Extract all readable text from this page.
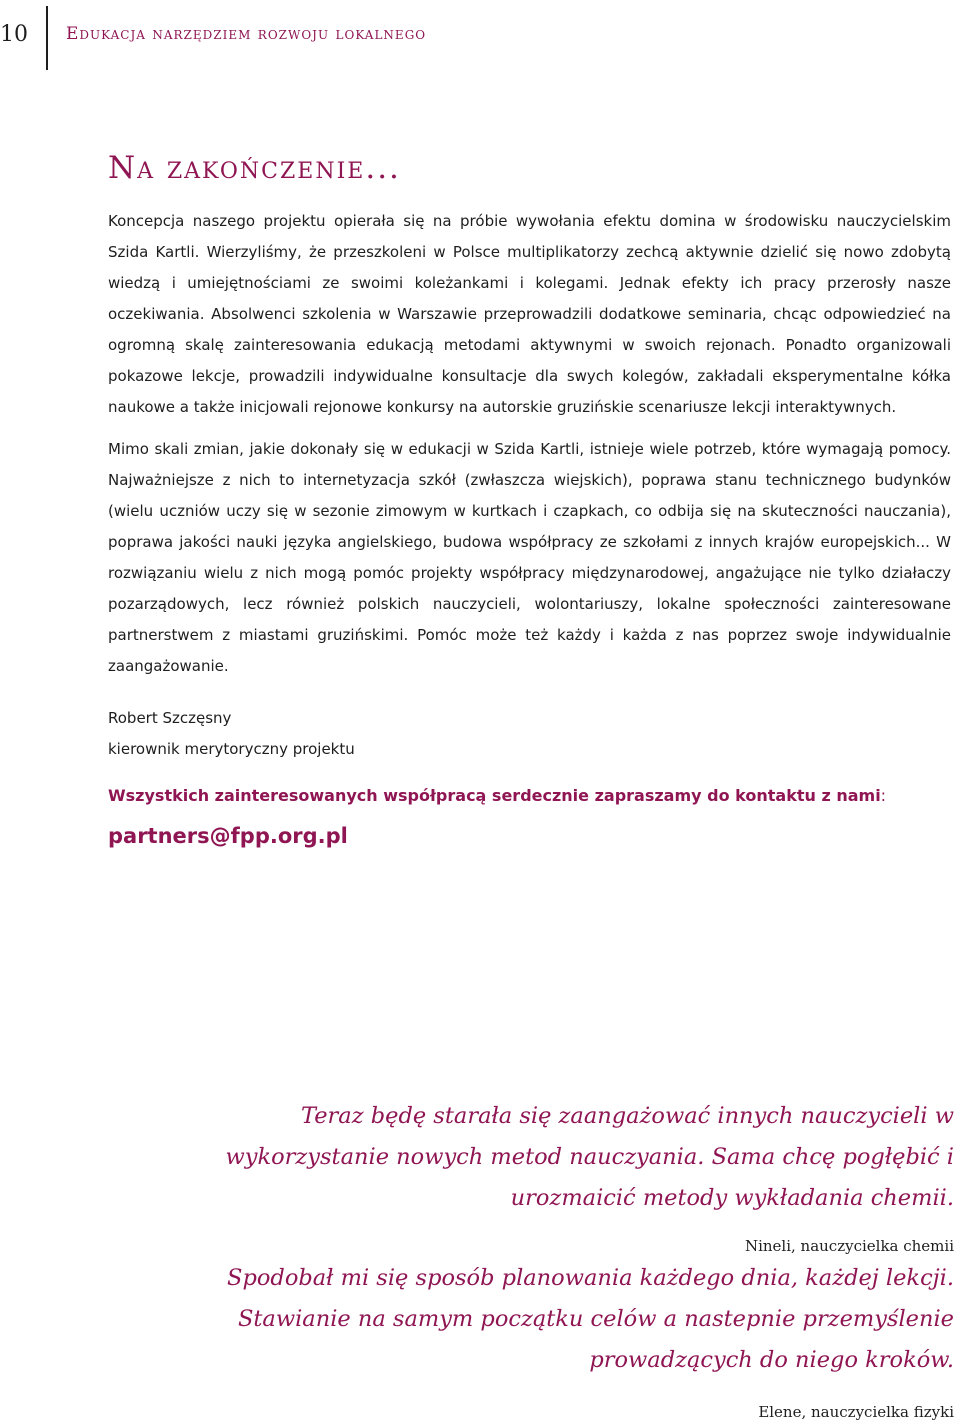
10 Edukacja narzędziem rozwoju lokalnego
Na zakończenie...

Koncepcja naszego projektu opierała się na próbie wywołania efektu domina w środowisku nauczycielskim Szida Kartli. Wierzyliśmy, że przeszkoleni w Polsce multiplikatorzy zechcą aktywnie dzielić się nowo zdobytą wiedzą i umiejętnościami ze swoimi koleżankami i kolegami. Jednak efekty ich pracy przerosły nasze oczekiwania. Absolwenci szkolenia w Warszawie przeprowadzili dodatkowe seminaria, chcąc odpowiedzieć na ogromną skalę zainteresowania edukacją metodami aktywnymi w swoich rejonach. Ponadto organizowali pokazowe lekcje, prowadzili indywidualne konsultacje dla swych kolegów, zakładali eksperymentalne kółka naukowe a także inicjowali rejonowe konkursy na autorskie gruzińskie scenariusze lekcji interaktywnych.

Mimo skali zmian, jakie dokonały się w edukacji w Szida Kartli, istnieje wiele potrzeb, które wymagają pomocy. Najważniejsze z nich to internetyzacja szkół (zwłaszcza wiejskich), poprawa stanu technicznego budynków (wielu uczniów uczy się w sezonie zimowym w kurtkach i czapkach, co odbija się na skuteczności nauczania), poprawa jakości nauki języka angielskiego, budowa współpracy ze szkołami z innych krajów europejskich... W rozwiązaniu wielu z nich mogą pomóc projekty współpracy międzynarodowej, angażujące nie tylko działaczy pozarządowych, lecz również polskich nauczycieli, wolontariuszy, lokalne społeczności zainteresowane partnerstwem z miastami gruzińskimi. Pomóc może też każdy i każda z nas poprzez swoje indywidualnie zaangażowanie.

Robert Szczęsny
kierownik merytoryczny projektu

Wszystkich zainteresowanych współpracą serdecznie zapraszamy do kontaktu z nami:

partners@fpp.org.pl

Teraz będę starała się zaangażować innych nauczycieli w wykorzystanie nowych metod nauczyania. Sama chcę pogłębić i urozmaicić metody wykładania chemii.

Nineli, nauczycielka chemii

Spodobał mi się sposób planowania każdego dnia, każdej lekcji. Stawianie na samym początku celów a nastepnie przemyślenie prowadzących do niego kroków.

Elene, nauczycielka fizyki
